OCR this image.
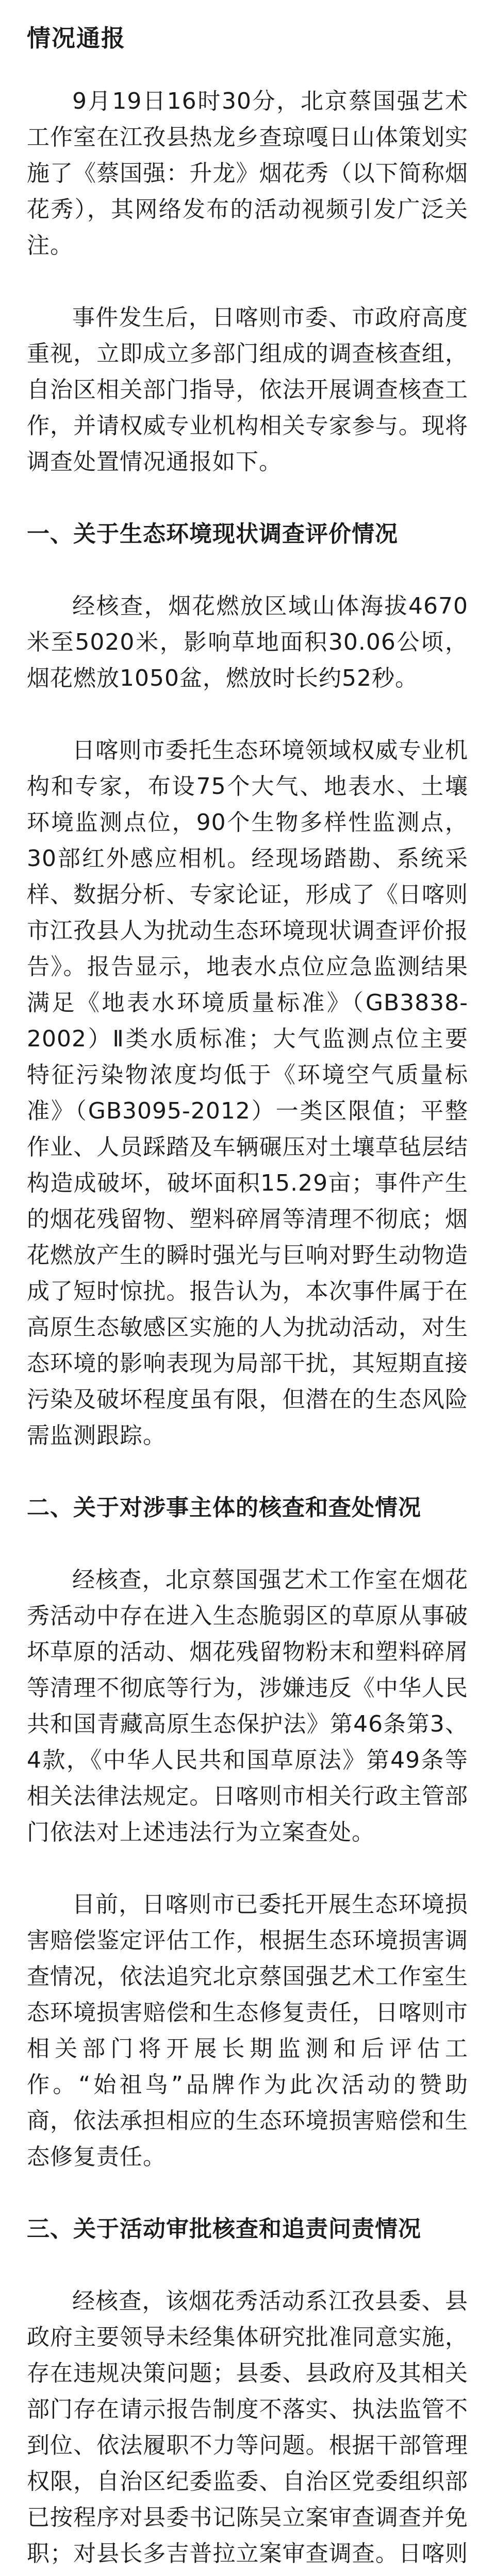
情况通报

9月19日16时30分，北京蔡国强艺术工作室在江孜县热龙乡查琼嘎日山体策划实施了《蔡国强：升龙》烟花秀（以下简称烟花秀），其网络发布的活动视频引发广泛关注。

事件发生后，日喀则市委、市政府高度重视，立即成立多部门组成的调查核查组，自治区相关部门指导，依法开展调查核查工作，并请权威专业机构相关专家参与。现将调查处置情况通报如下。

一、关于生态环境现状调查评价情况

经核查，烟花燃放区域山体海拔4670米至5020米，影响草地面积30.06公顷，烟花燃放1050盆，燃放时长约52秒。

日喀则市委托生态环境领域权威专业机构和专家，布设75个大气、地表水、土壤环境监测点位，90个生物多样性监测点，30部红外感应相机。经现场踏勘、系统采样、数据分析、专家论证，形成了《日喀则市江孜县人为扰动生态环境现状调查评价报告》。报告显示，地表水点位应急监测结果满足《地表水环境质量标准》（GB3838-2002）Ⅱ类水质标准；大气监测点位主要特征污染物浓度均低于《环境空气质量标准》（GB3095-2012）一类区限值；平整作业、人员踩踏及车辆碾压对土壤草毡层结构造成破坏，破坏面积15.29亩；事件产生的烟花残留物、塑料碎屑等清理不彻底；烟花燃放产生的瞬时强光与巨响对野生动物造成了短时惊扰。报告认为，本次事件属于在高原生态敏感区实施的人为扰动活动，对生态环境的影响表现为局部干扰，其短期直接污染及破坏程度虽有限，但潜在的生态风险需监测跟踪。

二、关于对涉事主体的核查和查处情况

经核查，北京蔡国强艺术工作室在烟花秀活动中存在进入生态脆弱区的草原从事破坏草原的活动、烟花残留物粉末和塑料碎屑等清理不彻底等行为，涉嫌违反《中华人民共和国青藏高原生态保护法》第46条第3、4款，《中华人民共和国草原法》第49条等相关法律法规定。日喀则市相关行政主管部门依法对上述违法行为立案查处。

目前，日喀则市已委托开展生态环境损害赔偿鉴定评估工作，根据生态环境损害调查情况，依法追究北京蔡国强艺术工作室生态环境损害赔偿和生态修复责任，日喀则市相关部门将开展长期监测和后评估工作。“始祖鸟”品牌作为此次活动的赞助商，依法承担相应的生态环境损害赔偿和生态修复责任。

三、关于活动审批核查和追责问责情况

经核查，该烟花秀活动系江孜县委、县政府主要领导未经集体研究批准同意实施，存在违规决策问题；县委、县政府及其相关部门存在请示报告制度不落实、执法监管不到位、依法履职不力等问题。根据干部管理权限，自治区纪委监委、自治区党委组织部已按程序对县委书记陈吴立案审查调查并免职；对县长多吉普拉立案审查调查。日喀则
